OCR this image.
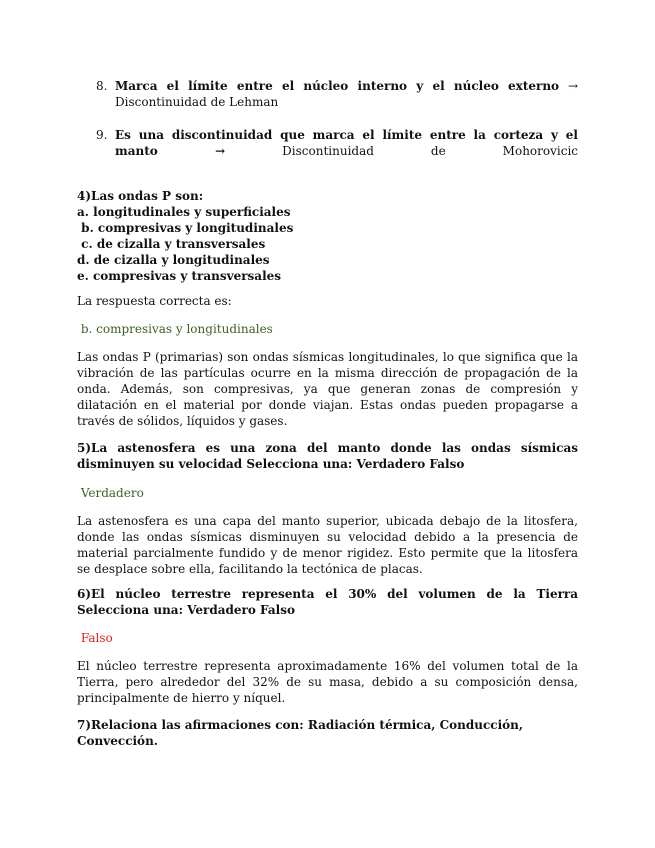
8. Marca el límite entre el núcleo interno y el núcleo externo → Discontinuidad de Lehman
9. Es una discontinuidad que marca el límite entre la corteza y el manto →	Discontinuidad de Mohorovicic
4)Las ondas P son:
a. longitudinales y superficiales
b. compresivas y longitudinales
c. de cizalla y transversales
d. de cizalla y longitudinales
e. compresivas y transversales
La respuesta correcta es:
b. compresivas y longitudinales
Las ondas P (primarias) son ondas sísmicas longitudinales, lo que significa que la vibración de las partículas ocurre en la misma dirección de propagación de la onda. Además, son compresivas, ya que generan zonas de compresión y dilatación en el material por donde viajan. Estas ondas pueden propagarse a través de sólidos, líquidos y gases.
5)La astenosfera es una zona del manto donde las ondas sísmicas disminuyen su velocidad Selecciona una: Verdadero Falso
Verdadero
La astenosfera es una capa del manto superior, ubicada debajo de la litosfera, donde las ondas sísmicas disminuyen su velocidad debido a la presencia de material parcialmente fundido y de menor rigidez. Esto permite que la litosfera se desplace sobre ella, facilitando la tectónica de placas.
6)El núcleo terrestre representa el 30% del volumen de la Tierra Selecciona una: Verdadero Falso
Falso
El núcleo terrestre representa aproximadamente 16% del volumen total de la Tierra, pero alrededor del 32% de su masa, debido a su composición densa, principalmente de hierro y níquel.
7)Relaciona las afirmaciones con: Radiación térmica, Conducción, Convección.
